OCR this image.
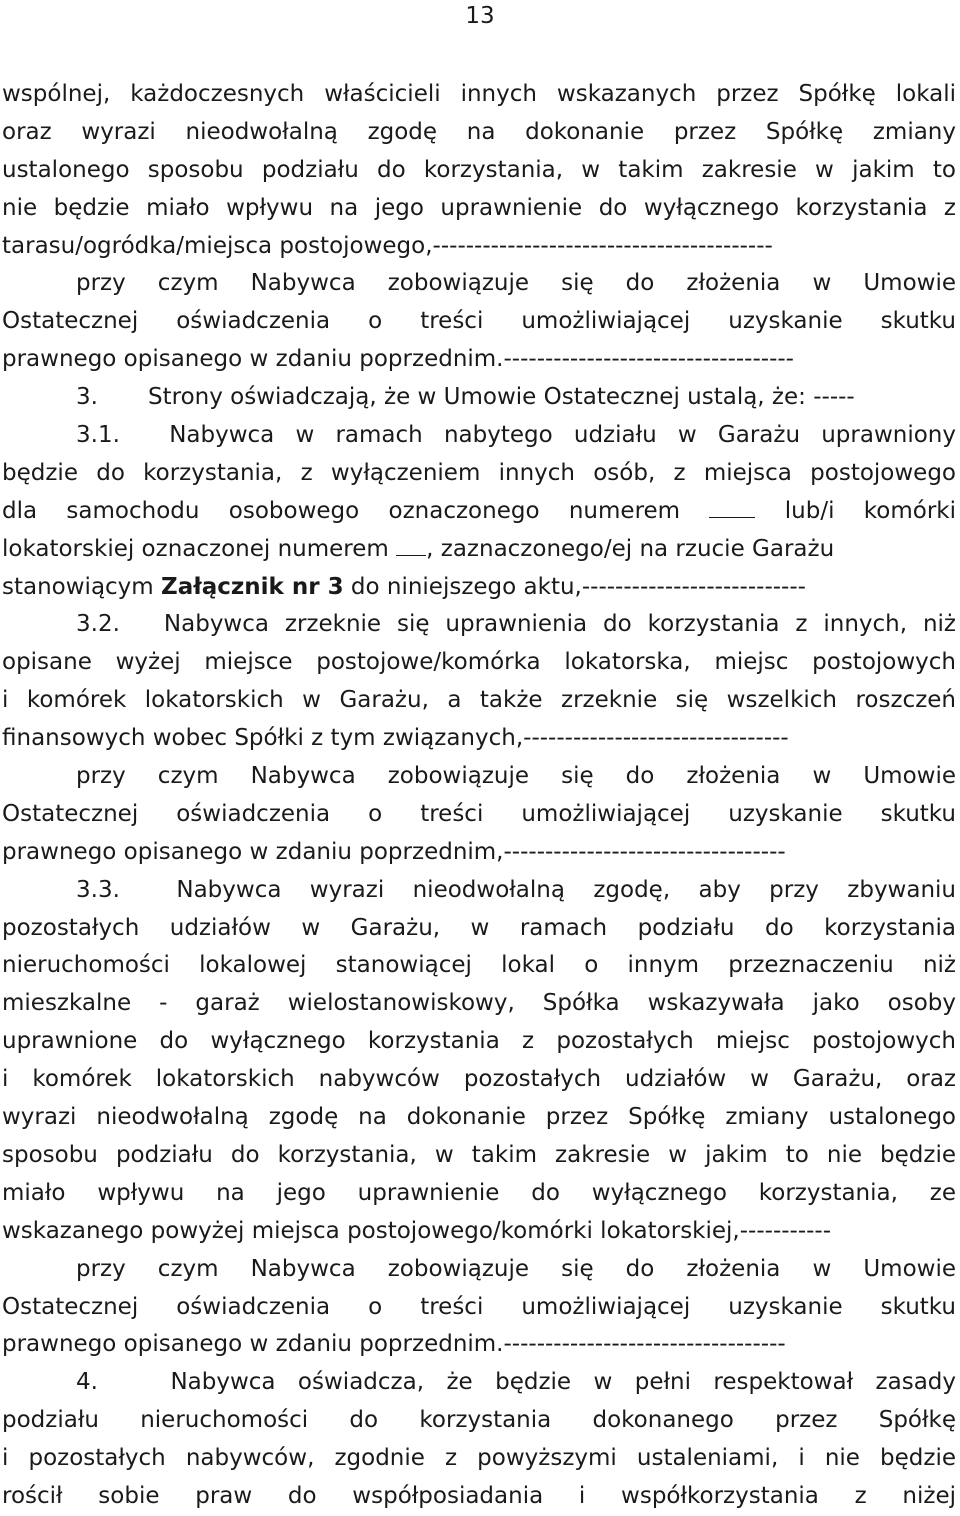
13
wspólnej, każdoczesnych właścicieli innych wskazanych przez Spółkę lokali
oraz wyrazi nieodwołalną zgodę na dokonanie przez Spółkę zmiany
ustalonego sposobu podziału do korzystania, w takim zakresie w jakim to
nie będzie miało wpływu na jego uprawnienie do wyłącznego korzystania z
tarasu/ogródka/miejsca postojowego,-----------------------------------------
przy czym Nabywca zobowiązuje się do złożenia w Umowie
Ostatecznej oświadczenia o treści umożliwiającej uzyskanie skutku
prawnego opisanego w zdaniu poprzednim.-----------------------------------
3. Strony oświadczają, że w Umowie Ostatecznej ustalą, że: -----
3.1. Nabywca w ramach nabytego udziału w Garażu uprawniony
będzie do korzystania, z wyłączeniem innych osób, z miejsca postojowego
dla samochodu osobowego oznaczonego numerem	lub/i komórki
lokatorskiej oznaczonej numerem , zaznaczonego/ej na rzucie Garażu
stanowiącym Załącznik nr 3 do niniejszego aktu,---------------------------
3.2. Nabywca zrzeknie się uprawnienia do korzystania z innych, niż
opisane wyżej miejsce postojowe/komórka lokatorska, miejsc postojowych
i komórek lokatorskich w Garażu, a także zrzeknie się wszelkich roszczeń
finansowych wobec Spółki z tym związanych,--------------------------------
przy czym Nabywca zobowiązuje się do złożenia w Umowie
Ostatecznej oświadczenia o treści umożliwiającej uzyskanie skutku
prawnego opisanego w zdaniu poprzednim,----------------------------------
3.3. Nabywca wyrazi nieodwołalną zgodę, aby przy zbywaniu
pozostałych udziałów w Garażu, w ramach podziału do korzystania
nieruchomości lokalowej stanowiącej lokal o innym przeznaczeniu niż
mieszkalne - garaż wielostanowiskowy, Spółka wskazywała jako osoby
uprawnione do wyłącznego korzystania z pozostałych miejsc postojowych
i komórek lokatorskich nabywców pozostałych udziałów w Garażu, oraz
wyrazi nieodwołalną zgodę na dokonanie przez Spółkę zmiany ustalonego
sposobu podziału do korzystania, w takim zakresie w jakim to nie będzie
miało wpływu na jego uprawnienie do wyłącznego korzystania, ze
wskazanego powyżej miejsca postojowego/komórki lokatorskiej,-----------
przy czym Nabywca zobowiązuje się do złożenia w Umowie
Ostatecznej oświadczenia o treści umożliwiającej uzyskanie skutku
prawnego opisanego w zdaniu poprzednim.----------------------------------
4.	Nabywca oświadcza, że będzie w pełni respektował zasady
podziału nieruchomości do korzystania dokonanego przez Spółkę
i pozostałych nabywców, zgodnie z powyższymi ustaleniami, i nie będzie
rościł sobie praw do współposiadania i współkorzystania z niżej
